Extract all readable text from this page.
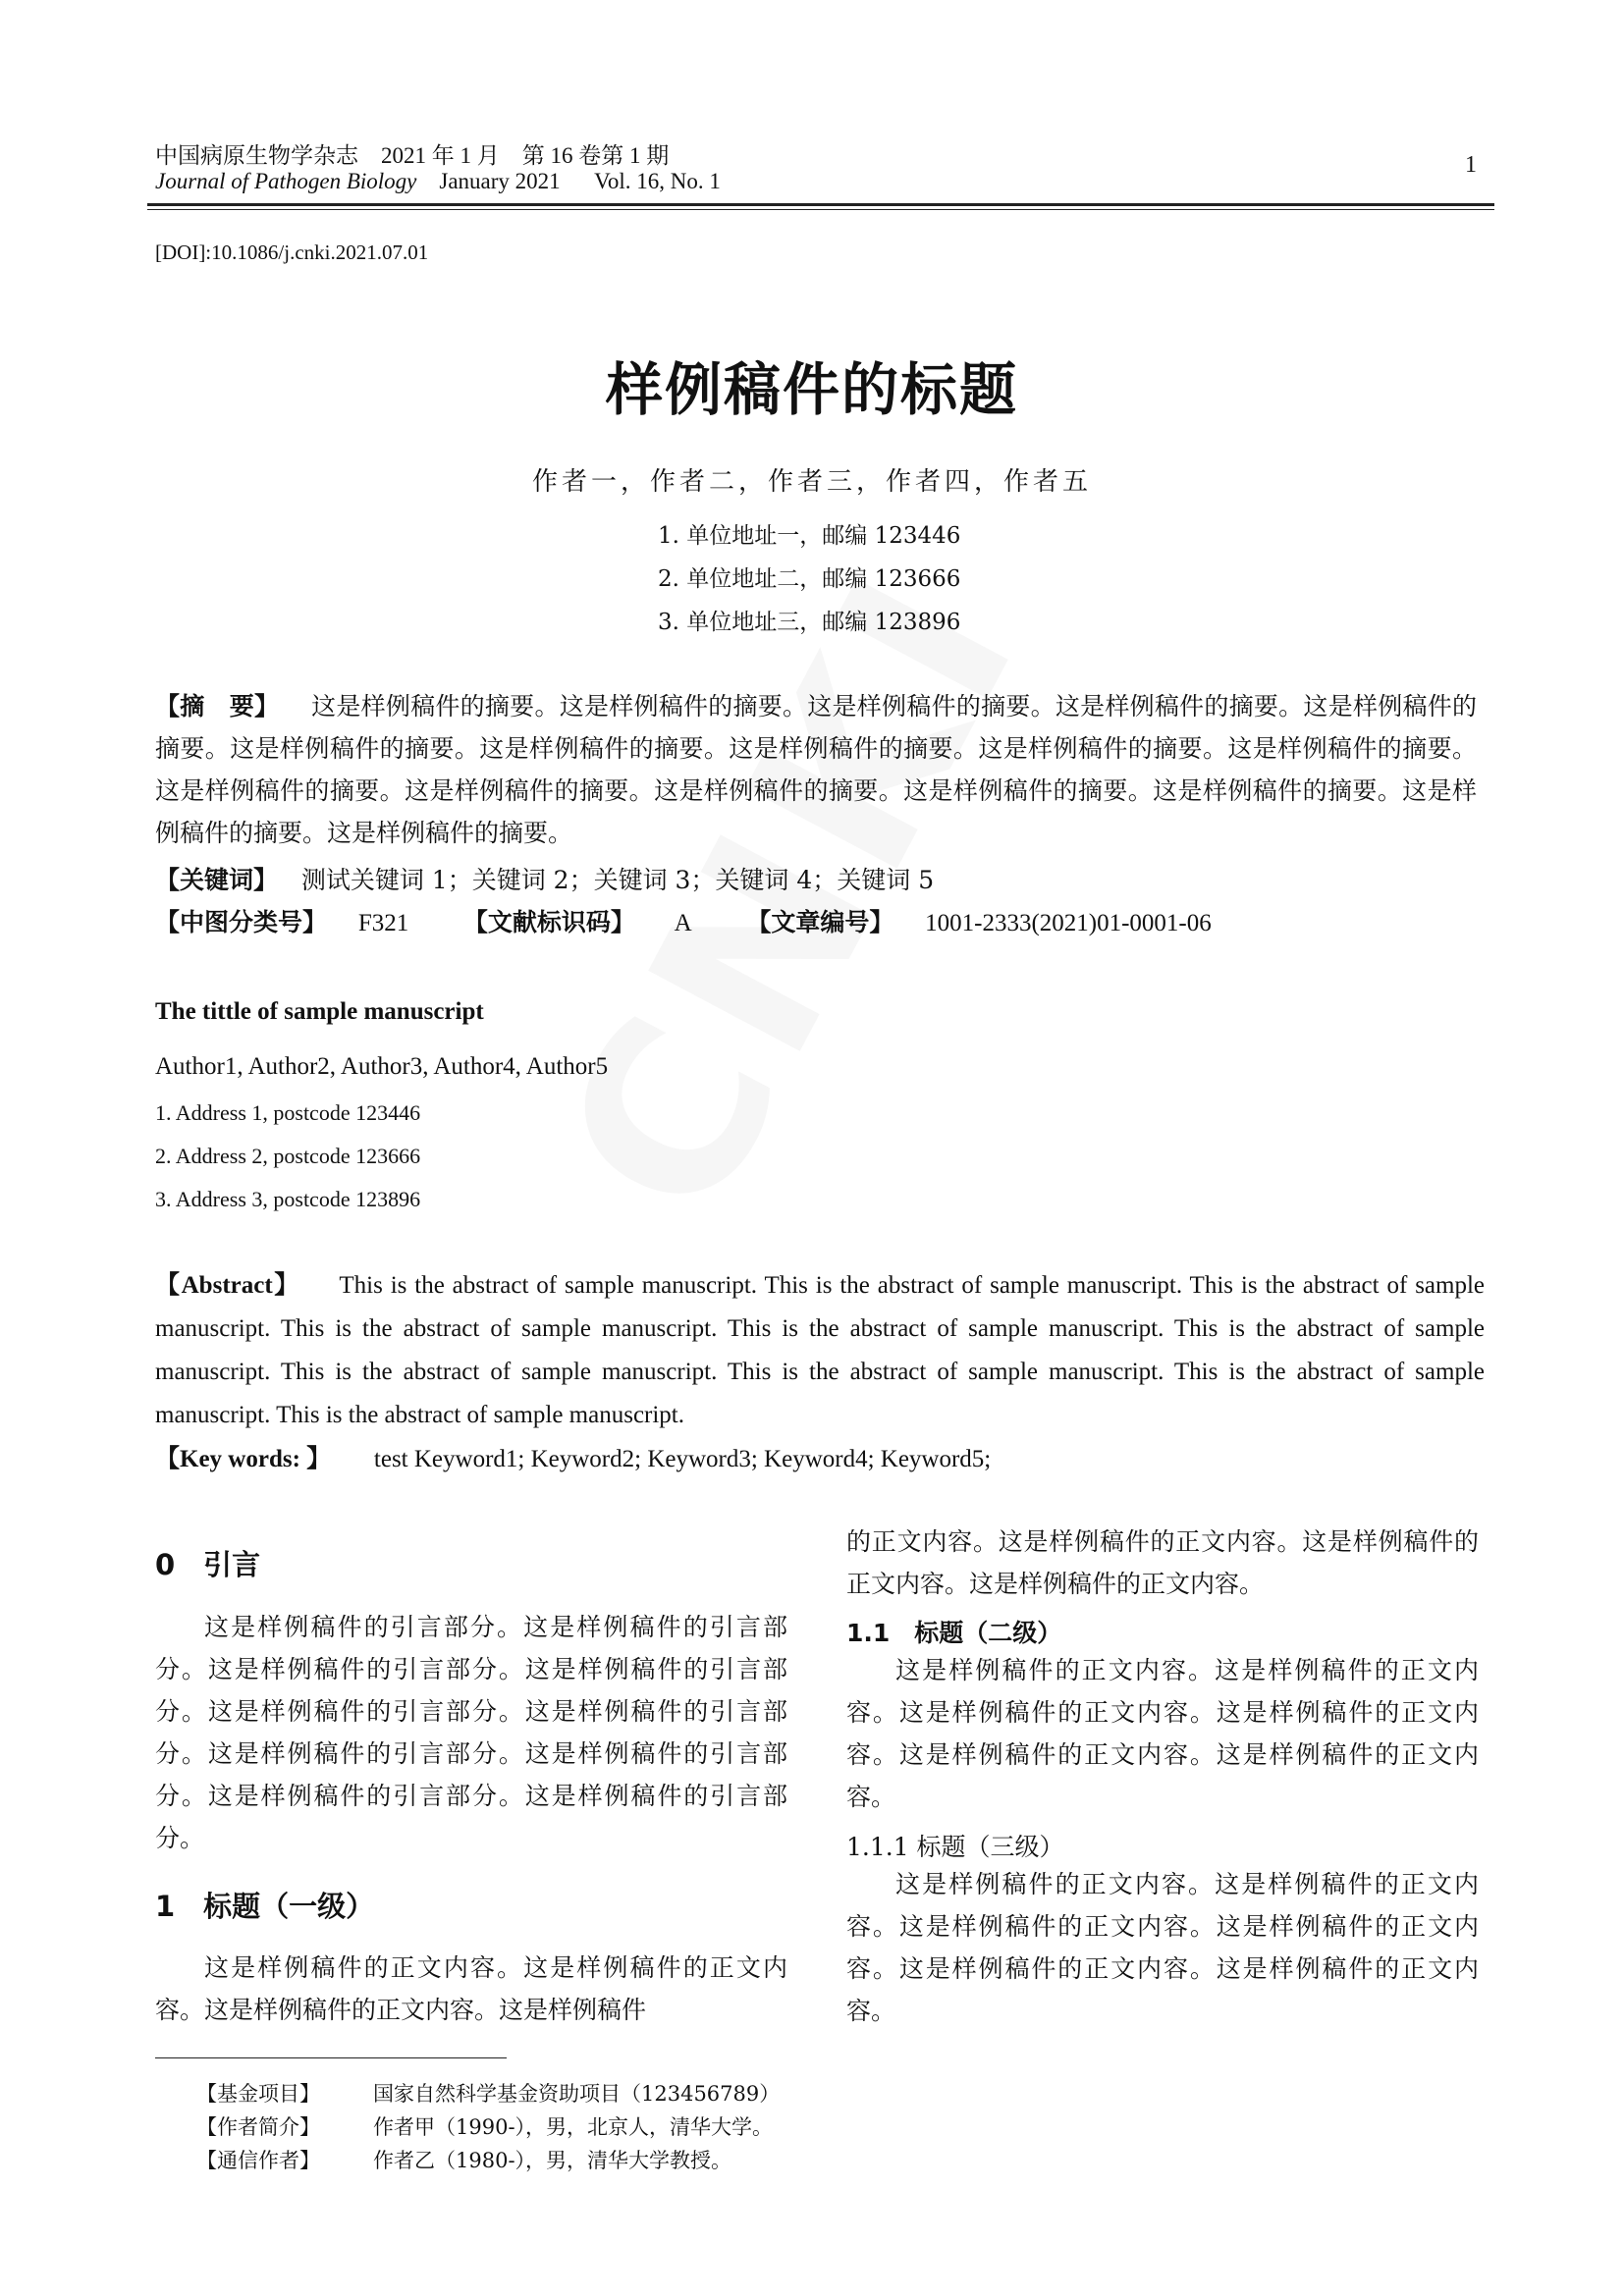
中国病原生物学杂志　2021 年 1 月　第 16 卷第 1 期
Journal of Pathogen Biology January 2021 Vol. 16, No. 1
1
[DOI]:10.1086/j.cnki.2021.07.01
样例稿件的标题
作者一，作者二，作者三，作者四，作者五
1. 单位地址一，邮编 123446
2. 单位地址二，邮编 123666
3. 单位地址三，邮编 123896
【摘　要】 这是样例稿件的摘要。这是样例稿件的摘要。这是样例稿件的摘要。这是样例稿件的摘要。这是样例稿件的摘要。这是样例稿件的摘要。这是样例稿件的摘要。这是样例稿件的摘要。这是样例稿件的摘要。这是样例稿件的摘要。这是样例稿件的摘要。这是样例稿件的摘要。这是样例稿件的摘要。这是样例稿件的摘要。这是样例稿件的摘要。这是样例稿件的摘要。这是样例稿件的摘要。
【关键词】 测试关键词 1；关键词 2；关键词 3；关键词 4；关键词 5
【中图分类号】 F321 【文献标识码】 A 【文章编号】 1001-2333(2021)01-0001-06
The tittle of sample manuscript
Author1, Author2, Author3, Author4, Author5
1. Address 1, postcode 123446
2. Address 2, postcode 123666
3. Address 3, postcode 123896
【Abstract】 This is the abstract of sample manuscript. This is the abstract of sample manuscript. This is the abstract of sample manuscript. This is the abstract of sample manuscript. This is the abstract of sample manuscript. This is the abstract of sample manuscript. This is the abstract of sample manuscript. This is the abstract of sample manuscript. This is the abstract of sample manuscript. This is the abstract of sample manuscript.
【Key words: 】 test Keyword1; Keyword2; Keyword3; Keyword4; Keyword5;
0　引言
这是样例稿件的引言部分。这是样例稿件的引言部分。这是样例稿件的引言部分。这是样例稿件的引言部分。这是样例稿件的引言部分。这是样例稿件的引言部分。这是样例稿件的引言部分。这是样例稿件的引言部分。这是样例稿件的引言部分。这是样例稿件的引言部分。
1　标题（一级）
这是样例稿件的正文内容。这是样例稿件的正文内容。这是样例稿件的正文内容。这是样例稿件
的正文内容。这是样例稿件的正文内容。这是样例稿件的正文内容。这是样例稿件的正文内容。
1.1　标题（二级）
这是样例稿件的正文内容。这是样例稿件的正文内容。这是样例稿件的正文内容。这是样例稿件的正文内容。这是样例稿件的正文内容。这是样例稿件的正文内容。
1.1.1 标题（三级）
这是样例稿件的正文内容。这是样例稿件的正文内容。这是样例稿件的正文内容。这是样例稿件的正文内容。这是样例稿件的正文内容。这是样例稿件的正文内容。
【基金项目】	国家自然科学基金资助项目（123456789）
【作者简介】	作者甲（1990-），男，北京人，清华大学。
【通信作者】	作者乙（1980-），男，清华大学教授。
